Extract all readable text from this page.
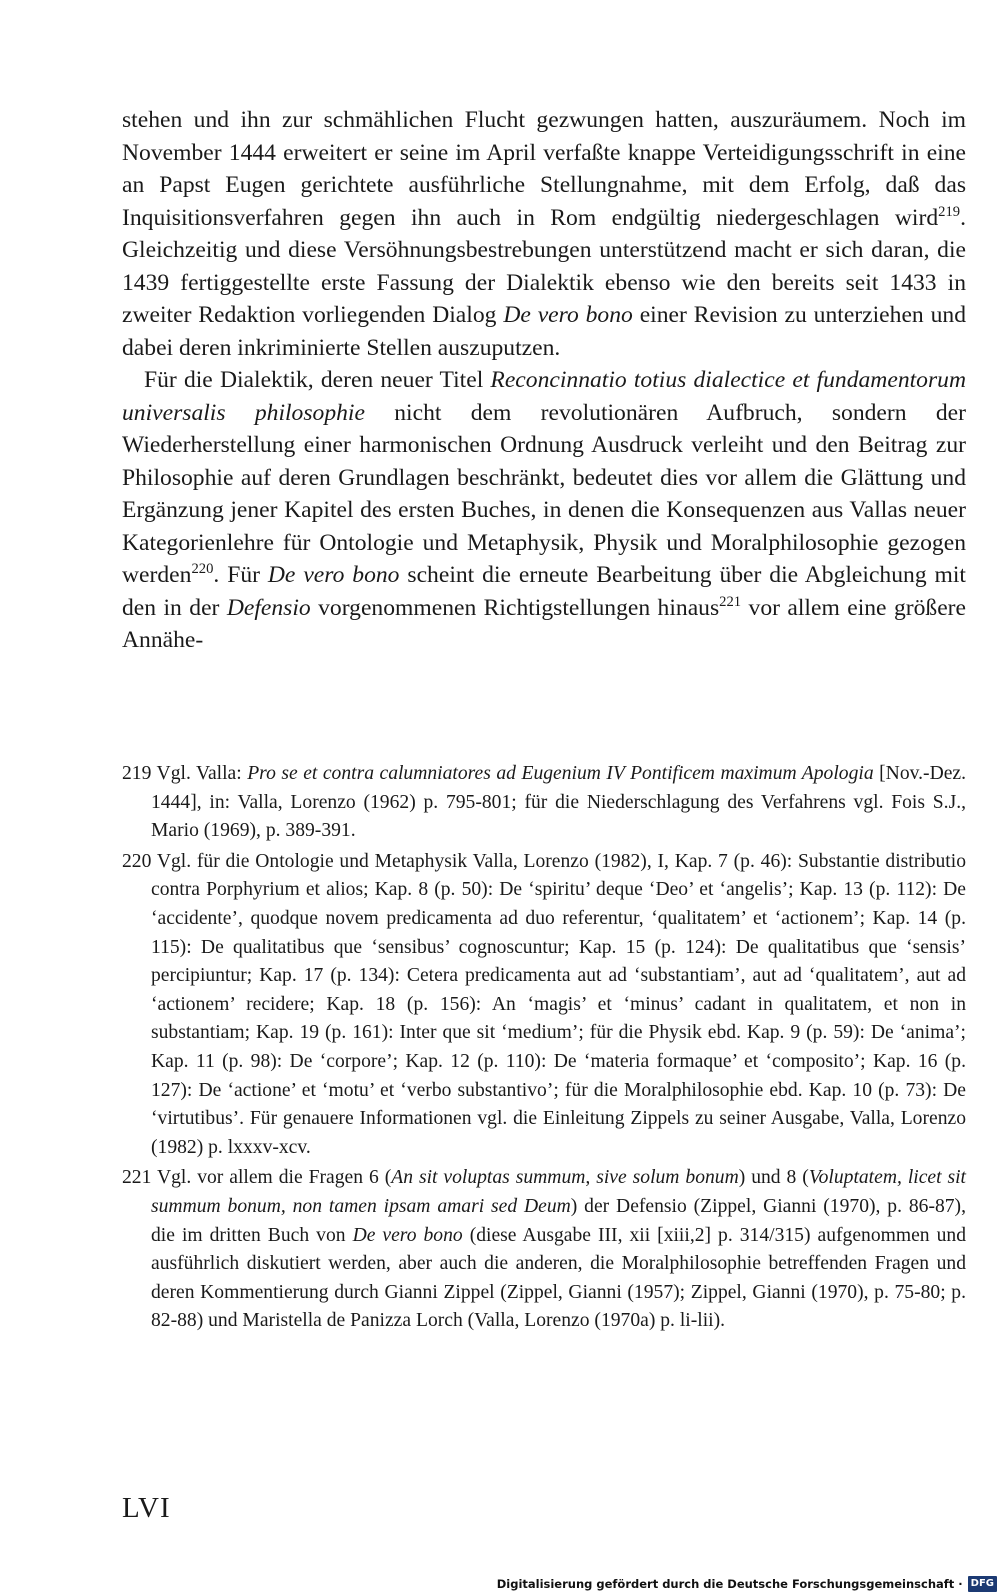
stehen und ihn zur schmählichen Flucht gezwungen hatten, auszuräumem. Noch im November 1444 erweitert er seine im April verfaßte knappe Verteidigungsschrift in eine an Papst Eugen gerichtete ausführliche Stellungnahme, mit dem Erfolg, daß das Inquisitionsverfahren gegen ihn auch in Rom endgültig niedergeschlagen wird$^{219}$. Gleichzeitig und diese Versöhnungsbestrebungen unterstützend macht er sich daran, die 1439 fertiggestellte erste Fassung der Dialektik ebenso wie den bereits seit 1433 in zweiter Redaktion vorliegenden Dialog De vero bono einer Revision zu unterziehen und dabei deren inkriminierte Stellen auszuputzen.

Für die Dialektik, deren neuer Titel Reconcinnatio totius dialectice et fundamentorum universalis philosophie nicht dem revolutionären Aufbruch, sondern der Wiederherstellung einer harmonischen Ordnung Ausdruck verleiht und den Beitrag zur Philosophie auf deren Grundlagen beschränkt, bedeutet dies vor allem die Glättung und Ergänzung jener Kapitel des ersten Buches, in denen die Konsequenzen aus Vallas neuer Kategorienlehre für Ontologie und Metaphysik, Physik und Moralphilosophie gezogen werden$^{220}$. Für De vero bono scheint die erneute Bearbeitung über die Abgleichung mit den in der Defensio vorgenommenen Richtigstellungen hinaus$^{221}$ vor allem eine größere Annähe-

219 Vgl. Valla: Pro se et contra calumniatores ad Eugenium IV Pontificem maximum Apologia [Nov.-Dez. 1444], in: Valla, Lorenzo (1962) p. 795-801; für die Niederschlagung des Verfahrens vgl. Fois S.J., Mario (1969), p. 389-391.

220 Vgl. für die Ontologie und Metaphysik Valla, Lorenzo (1982), I, Kap. 7 (p. 46): Substantie distributio contra Porphyrium et alios; Kap. 8 (p. 50): De ‘spiritu’ deque ‘Deo’ et ‘angelis’; Kap. 13 (p. 112): De ‘accidente’, quodque novem predicamenta ad duo referentur, ‘qualitatem’ et ‘actionem’; Kap. 14 (p. 115): De qualitatibus que ‘sensibus’ cognoscuntur; Kap. 15 (p. 124): De qualitatibus que ‘sensis’ percipiuntur; Kap. 17 (p. 134): Cetera predicamenta aut ad ‘substantiam’, aut ad ‘qualitatem’, aut ad ‘actionem’ recidere; Kap. 18 (p. 156): An ‘magis’ et ‘minus’ cadant in qualitatem, et non in substantiam; Kap. 19 (p. 161): Inter que sit ‘medium’; für die Physik ebd. Kap. 9 (p. 59): De ‘anima’; Kap. 11 (p. 98): De ‘corpore’; Kap. 12 (p. 110): De ‘materia formaque’ et ‘composito’; Kap. 16 (p. 127): De ‘actione’ et ‘motu’ et ‘verbo substantivo’; für die Moralphilosophie ebd. Kap. 10 (p. 73): De ‘virtutibus’. Für genauere Informationen vgl. die Einleitung Zippels zu seiner Ausgabe, Valla, Lorenzo (1982) p. lxxxv-xcv.

221 Vgl. vor allem die Fragen 6 (An sit voluptas summum, sive solum bonum) und 8 (Voluptatem, licet sit summum bonum, non tamen ipsam amari sed Deum) der Defensio (Zippel, Gianni (1970), p. 86-87), die im dritten Buch von De vero bono (diese Ausgabe III, xii [xiii,2] p. 314/315) aufgenommen und ausführlich diskutiert werden, aber auch die anderen, die Moralphilosophie betreffenden Fragen und deren Kommentierung durch Gianni Zippel (Zippel, Gianni (1957); Zippel, Gianni (1970), p. 75-80; p. 82-88) und Maristella de Panizza Lorch (Valla, Lorenzo (1970a) p. li-lii).

LVI
Digitalisierung gefördert durch die Deutsche Forschungsgemeinschaft · DFG
